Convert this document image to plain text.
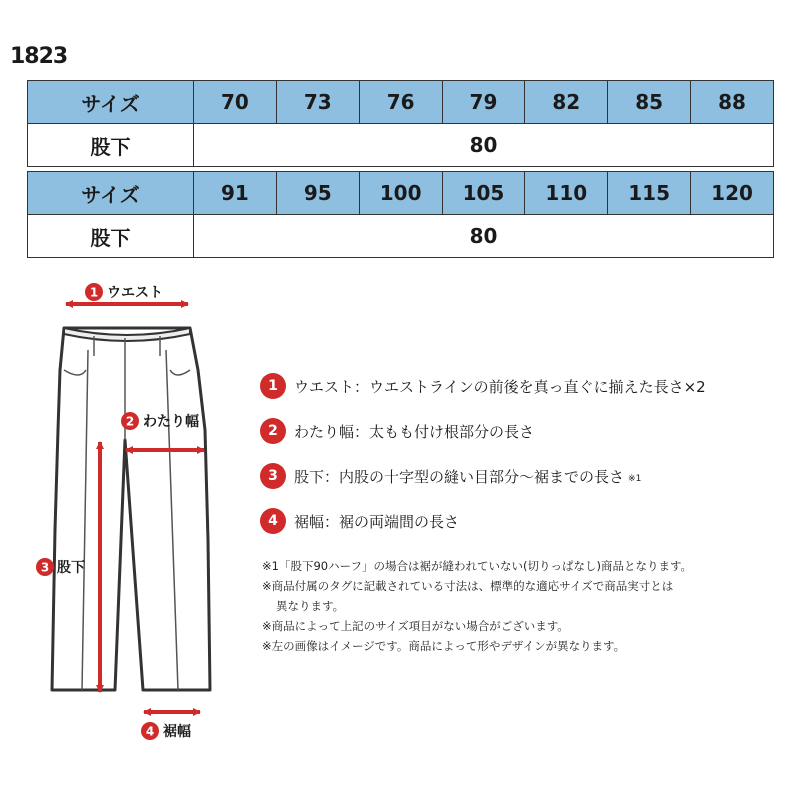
1823
サイズ	70	73	76	79	82	85	88
股下	80						
サイズ	91	95	100	105	110	115	120
股下	80						
1 ウエスト
2 わたり幅
3 股下
4 裾幅
1	ウエスト ：ウエストラインの前後を真っ直ぐに揃えた長さ×2
2	わたり幅 ：太もも付け根部分の長さ
3	股下 ：内股の十字型の縫い目部分〜裾までの長さ ※1
4	裾幅 ：裾の両端間の長さ
※1「股下90ハーフ」の場合は裾が縫われていない(切りっぱなし)商品となります。
※商品付属のタグに記載されている寸法は、標準的な適応サイズで商品実寸とは
異なります。
※商品によって上記のサイズ項目がない場合がございます。
※左の画像はイメージです。商品によって形やデザインが異なります。
